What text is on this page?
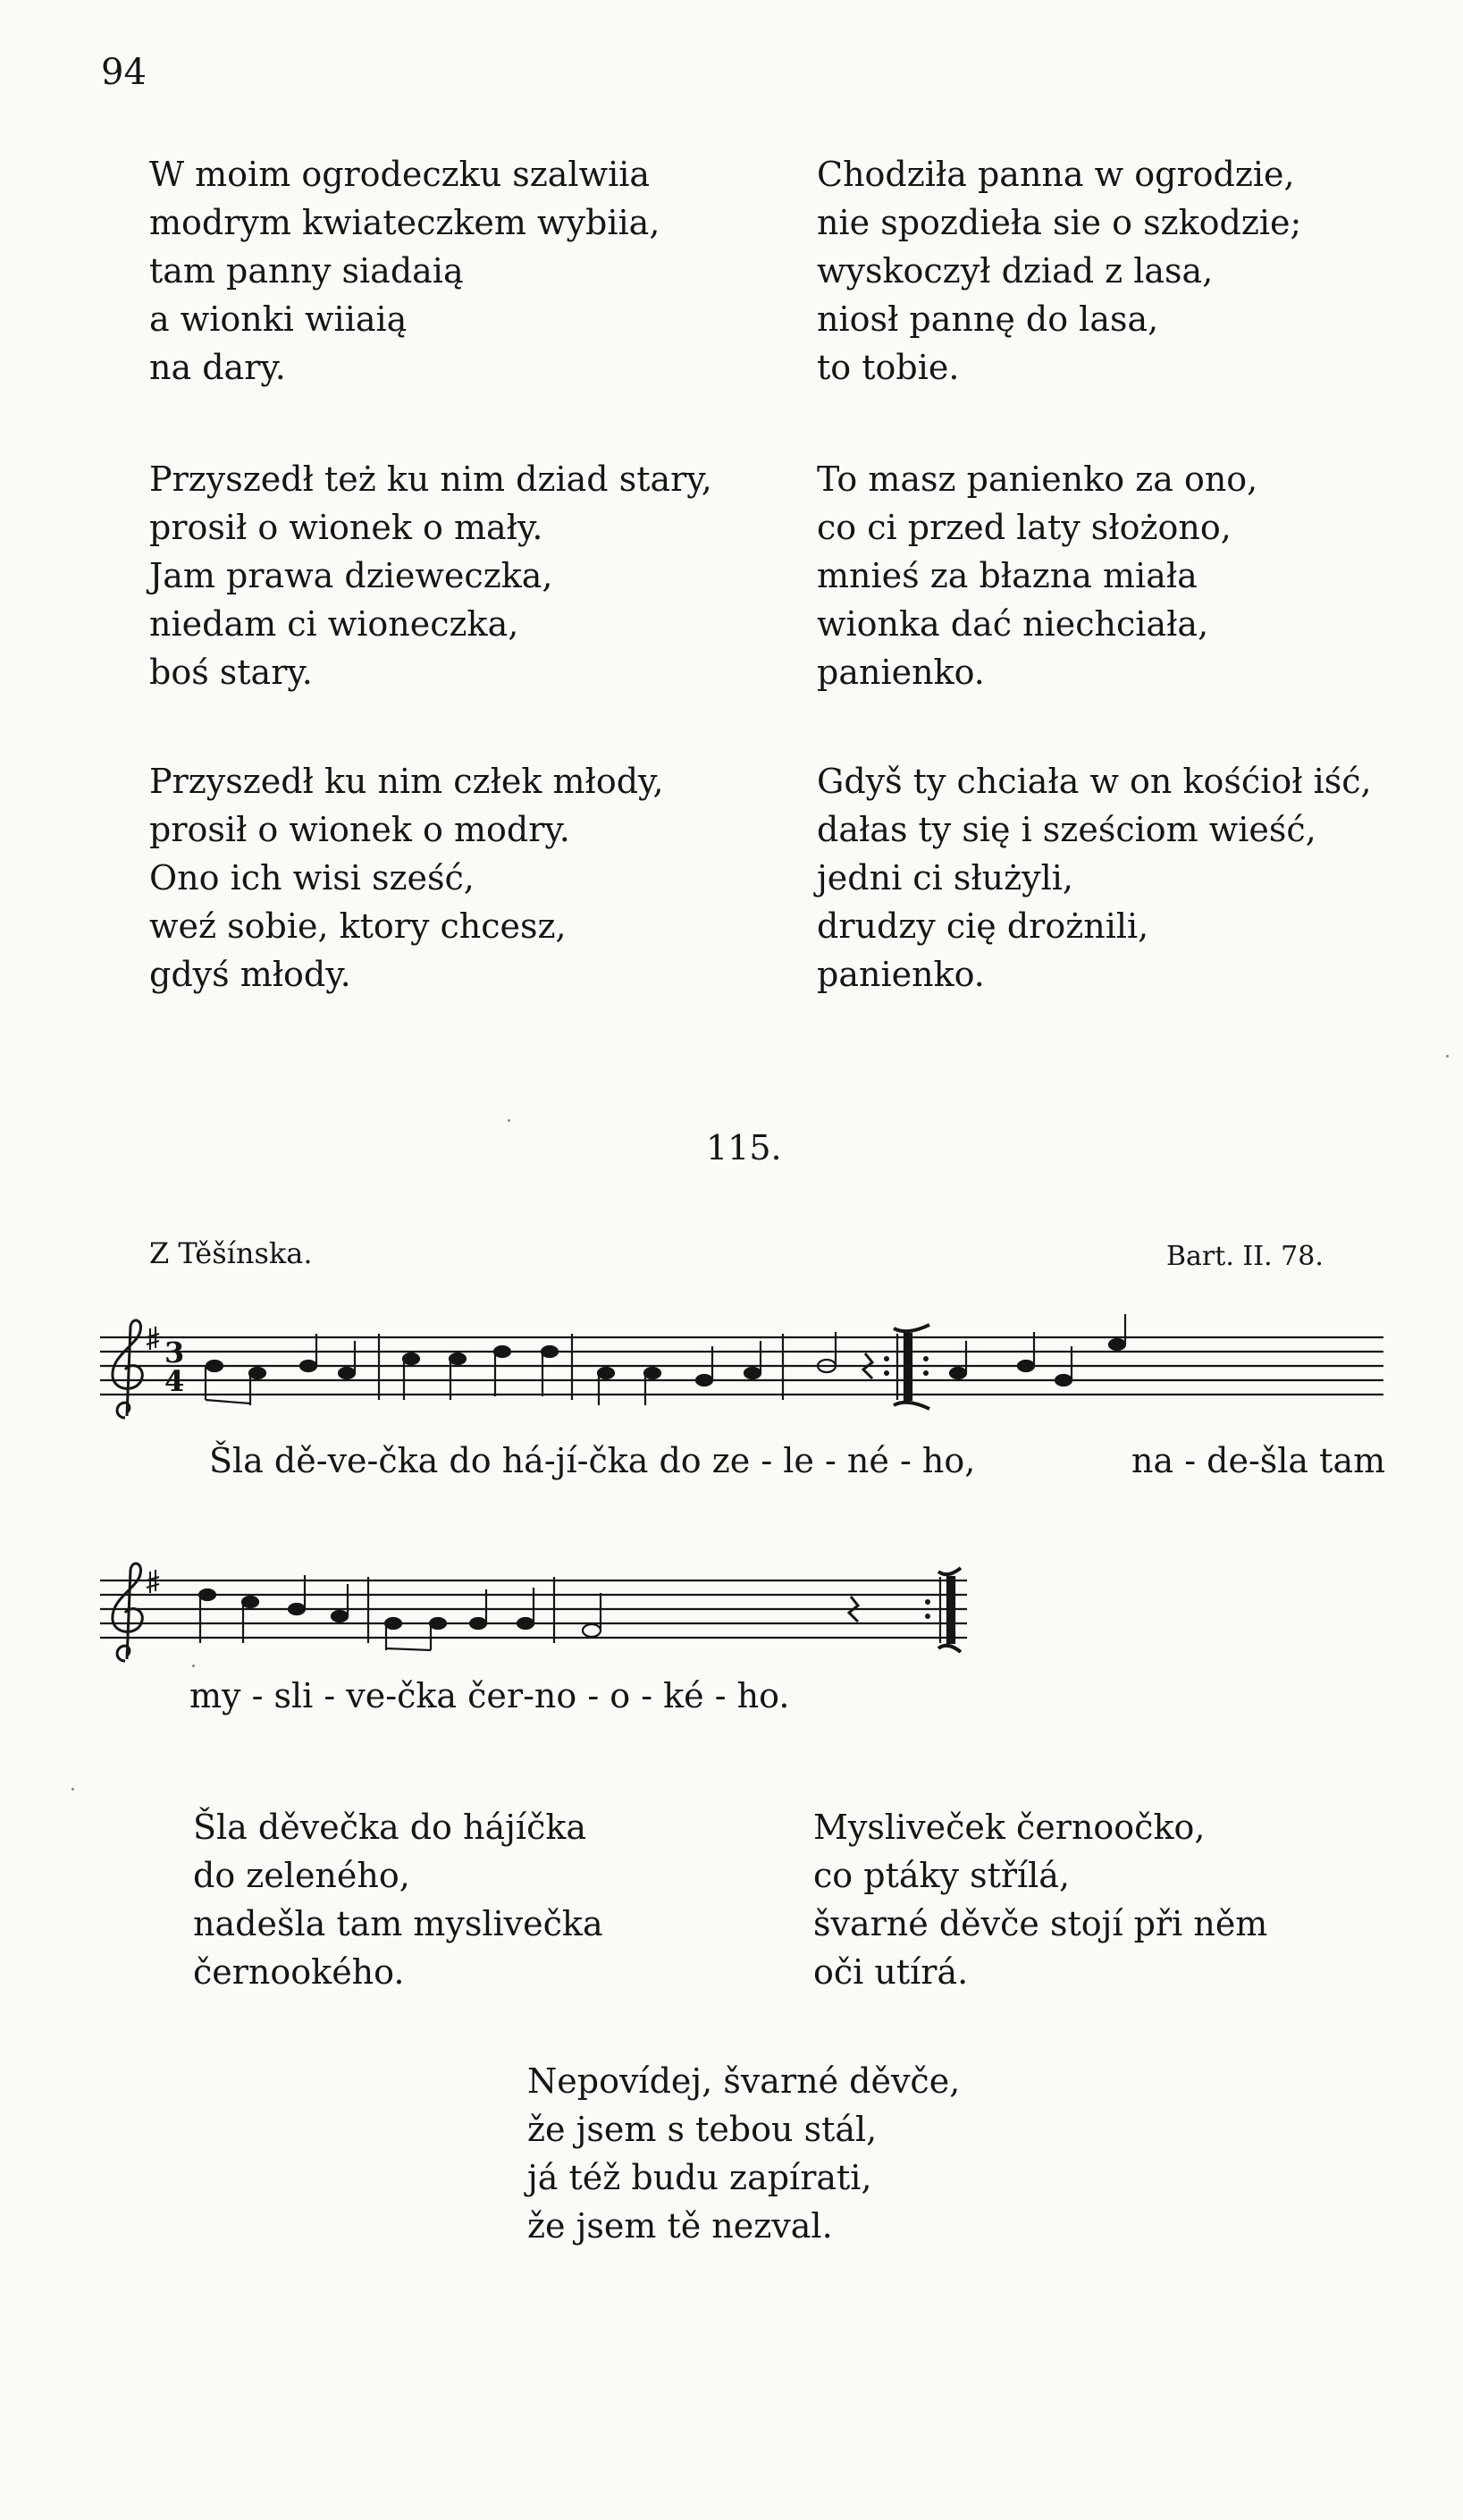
94
W moim ogrodeczku szalwiia
modrym kwiateczkem wybiia,
tam panny siadaią
a wionki wiiaią
na dary.
Przyszedł też ku nim dziad stary,
prosił o wionek o mały.
Jam prawa dzieweczka,
niedam ci wioneczka,
boś stary.
Przyszedł ku nim człek młody,
prosił o wionek o modry.
Ono ich wisi sześć,
weź sobie, ktory chcesz,
gdyś młody.
Chodziła panna w ogrodzie,
nie spozdieła sie o szkodzie;
wyskoczył dziad z lasa,
niosł pannę do lasa,
to tobie.
To masz panienko za ono,
co ci przed laty słożono,
mnieś za błazna miała
wionka dać niechciała,
panienko.
Gdyš ty chciała w on kośćioł iść,
dałas ty się i sześciom wieść,
jedni ci służyli,
drudzy cię drożnili,
panienko.
115.
Z Těšínska.	Bart. II. 78.
3
4
Šla dě-ve-čka do há-jí-čka do ze - le - né - ho,	na - de-šla tam
my - sli - ve-čka čer-no - o - ké - ho.
Šla děvečka do hájíčka
do zeleného,
nadešla tam myslivečka
černookého.
Mysliveček černoočko,
co ptáky střílá,
švarné děvče stojí při něm
oči utírá.
Nepovídej, švarné děvče,
že jsem s tebou stál,
já též budu zapírati,
že jsem tě nezval.
